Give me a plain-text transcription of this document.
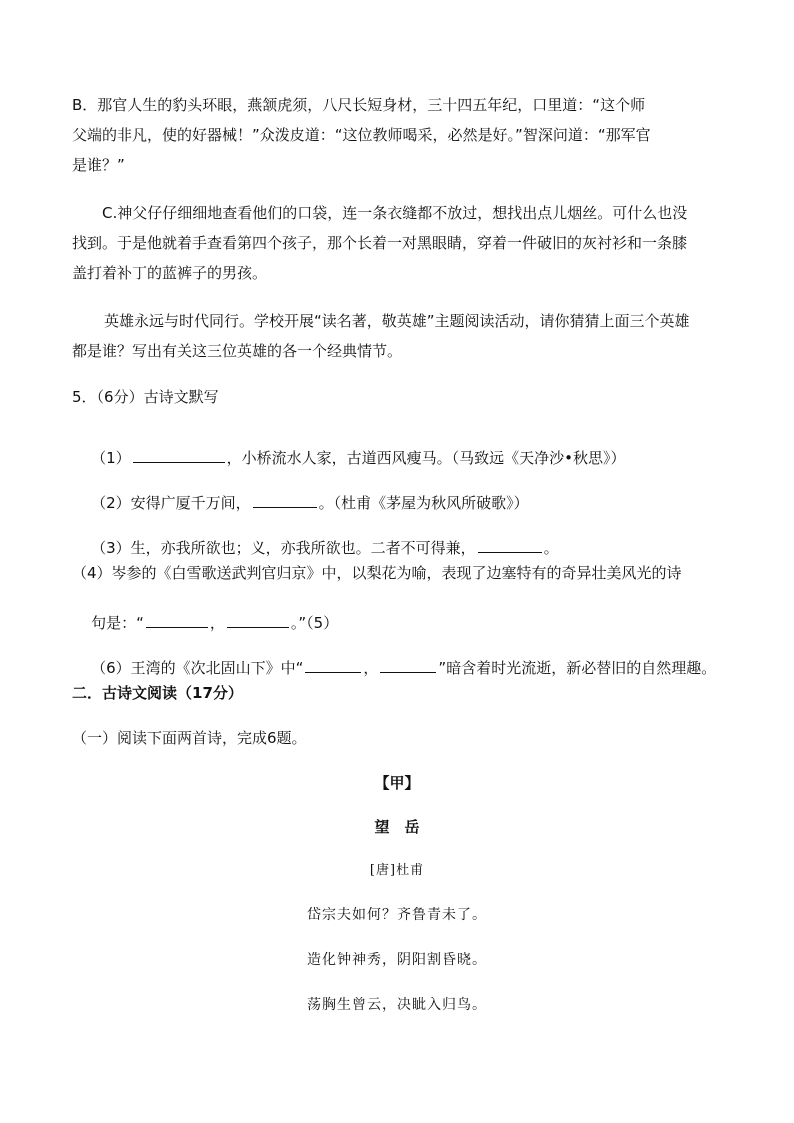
B．那官人生的豹头环眼，燕颔虎须，八尺长短身材，三十四五年纪，口里道：“这个师
父端的非凡，使的好器械！”众泼皮道：“这位教师喝采，必然是好。”智深问道：“那军官
是谁？”
C.神父仔仔细细地查看他们的口袋，连一条衣缝都不放过，想找出点儿烟丝。可什么也没
找到。于是他就着手查看第四个孩子，那个长着一对黑眼睛，穿着一件破旧的灰衬衫和一条膝
盖打着补丁的蓝裤子的男孩。
英雄永远与时代同行。学校开展“读名著，敬英雄”主题阅读活动，请你猜猜上面三个英雄
都是谁？写出有关这三位英雄的各一个经典情节。
5．（6分）古诗文默写

（1）	，小桥流水人家，古道西风瘦马。（马致远《天净沙•秋思》）

（2）安得广厦千万间，	。（杜甫《茅屋为秋风所破歌》）

（3）生，亦我所欲也；义，亦我所欲也。二者不可得兼，	。

（4）岑参的《白雪歌送武判官归京》中，以梨花为喻，表现了边塞特有的奇异壮美风光的诗

句是：“	，	。”（5）

（6）王湾的《次北固山下》中“	，	”暗含着时光流逝，新必替旧的自然理趣。

二．古诗文阅读（17分）
（一）阅读下面两首诗，完成6题。
【甲】
望　岳
[唐]杜甫
岱宗夫如何？齐鲁青未了。
造化钟神秀，阴阳割昏晓。
荡胸生曾云，决眦入归鸟。
